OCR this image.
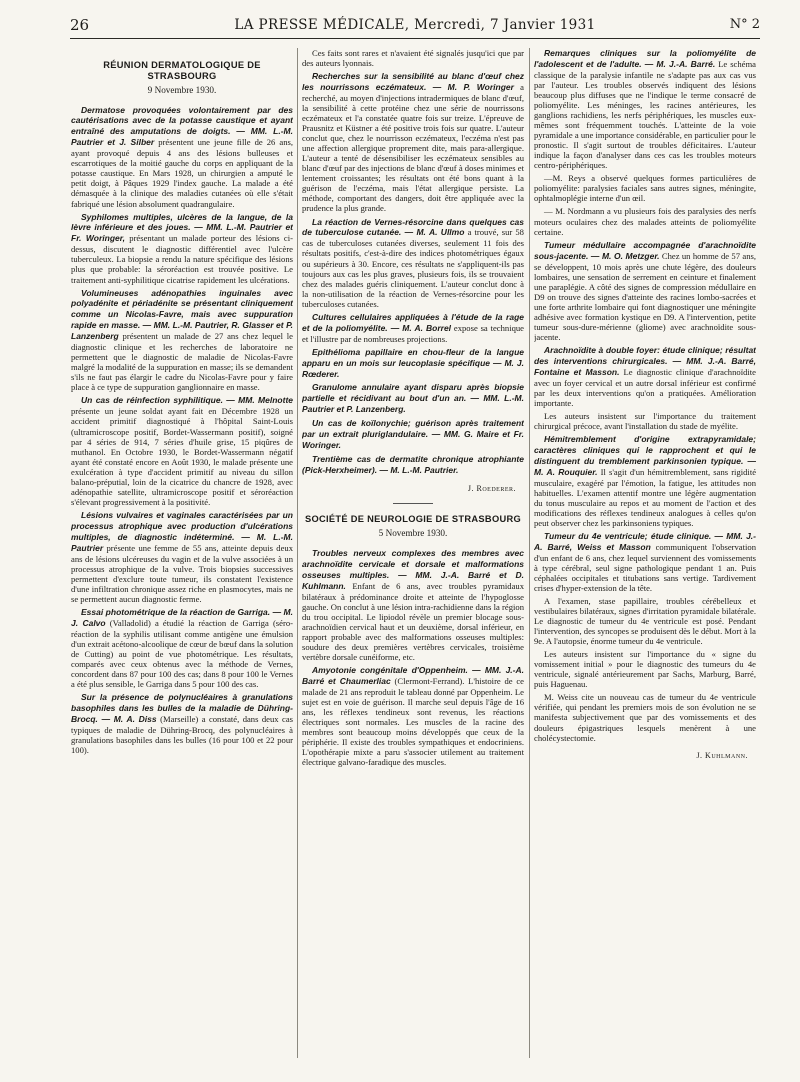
26	LA PRESSE MÉDICALE, Mercredi, 7 Janvier 1931	N° 2
RÉUNION DERMATOLOGIQUE DE STRASBOURG
9 Novembre 1930.

Dermatose provoquées volontairement par des cautérisations avec de la potasse caustique et ayant entraîné des amputations de doigts. — MM. L.-M. Pautrier et J. Silber présentent une jeune fille de 26 ans, ayant provoqué depuis 4 ans des lésions bulleuses et escarrotiques de la moitié gauche du corps en appliquant de la potasse caustique. En Mars 1928, un chirurgien a amputé le petit doigt, à Pâques 1929 l'index gauche. La malade a été démasquée à la clinique des maladies cutanées où elle s'était fabriqué une lésion absolument quadrangulaire.

Syphilomes multiples, ulcères de la langue, de la lèvre inférieure et des joues. — MM. L.-M. Pautrier et Fr. Woringer, présentant un malade porteur des lésions ci-dessus, discutent le diagnostic différentiel avec l'ulcère tuberculeux. La biopsie a rendu la nature spécifique des lésions plus que probable: la séroréaction est trouvée positive. Le traitement anti-syphilitique cicatrise rapidement les ulcérations.

Volumineuses adénopathies inguinales avec polyadénite et périadénite se présentant cliniquement comme un Nicolas-Favre, mais avec suppuration rapide en masse. — MM. L.-M. Pautrier, R. Glasser et P. Lanzenberg présentent un malade de 27 ans chez lequel le diagnostic clinique et les recherches de laboratoire ne permettent que le diagnostic de maladie de Nicolas-Favre malgré la modalité de la suppuration en masse; ils se demandent s'ils ne faut pas élargir le cadre du Nicolas-Favre pour y faire place à ce type de suppuration ganglionnaire en masse.

Un cas de réinfection syphilitique. — MM. Melnotte présente un jeune soldat ayant fait en Décembre 1928 un accident primitif diagnostiqué à l'hôpital Saint-Louis (ultramicroscope positif, Bordet-Wassermann positif), soigné par 4 séries de 914, 7 séries d'huile grise, 15 piqûres de muthanol. En Octobre 1930, le Bordet-Wassermann négatif ayant été constaté encore en Août 1930, le malade présente une exulcération à type d'accident primitif au niveau du sillon balano-préputial, loin de la cicatrice du chancre de 1928, avec adénopathie satellite, ultramicroscope positif et séroréaction s'élevant progressivement à la positivité.

Lésions vulvaires et vaginales caractérisées par un processus atrophique avec production d'ulcérations multiples, de diagnostic indéterminé. — M. L.-M. Pautrier présente une femme de 55 ans, atteinte depuis deux ans de lésions ulcéreuses du vagin et de la vulve associées à un processus atrophique de la vulve. Trois biopsies successives permettent d'exclure toute tumeur, ils constatent l'existence d'une infiltration chronique assez riche en plasmocytes, mais ne se permettent aucun diagnostic ferme.

Essai photométrique de la réaction de Garriga. — M. J. Calvo (Valladolid) a étudié la réaction de Garriga (séro-réaction de la syphilis utilisant comme antigène une émulsion d'un extrait acétono-alcoolique de cœur de bœuf dans la solution de Cutting) au point de vue photométrique. Les résultats, comparés avec ceux obtenus avec la méthode de Vernes, concordent dans 87 pour 100 des cas; dans 8 pour 100 le Vernes a été plus sensible, le Garriga dans 5 pour 100 des cas.

Sur la présence de polynucléaires à granulations basophiles dans les bulles de la maladie de Dühring-Brocq. — M. A. Diss (Marseille) a constaté, dans deux cas typiques de maladie de Dühring-Brocq, des polynucléaires à granulations basophiles dans les bulles (16 pour 100 et 22 pour 100).

Ces faits sont rares et n'avaient été signalés jusqu'ici que par des auteurs lyonnais.

Recherches sur la sensibilité au blanc d'œuf chez les nourrissons eczémateux. — M. P. Woringer a recherché, au moyen d'injections intradermiques de blanc d'œuf, la sensibilité à cette protéine chez une série de nourrissons eczémateux et l'a constatée quatre fois sur treize. L'épreuve de Prausnitz et Küstner a été positive trois fois sur quatre. L'auteur conclut que, chez le nourrisson eczémateux, l'eczéma n'est pas une affection allergique proprement dite, mais para-allergique. L'auteur a tenté de désensibiliser les eczémateux sensibles au blanc d'œuf par des injections de blanc d'œuf à doses minimes et lentement croissantes; les résultats ont été bons quant à la guérison de l'eczéma, mais l'état allergique persiste. La méthode, comportant des dangers, doit être appliquée avec la prudence la plus grande.

La réaction de Vernes-résorcine dans quelques cas de tuberculose cutanée. — M. A. Ullmo a trouvé, sur 58 cas de tuberculoses cutanées diverses, seulement 11 fois des résultats positifs, c'est-à-dire des indices photométriques égaux ou supérieurs à 30. Encore, ces résultats ne s'appliquent-ils pas toujours aux cas les plus graves, plusieurs fois, ils se trouvaient chez des malades guéris cliniquement. L'auteur conclut donc à la non-utilisation de la réaction de Vernes-résorcine pour les tuberculoses cutanées.

Cultures cellulaires appliquées à l'étude de la rage et de la poliomyélite. — M. A. Borrel expose sa technique et l'illustre par de nombreuses projections.

Epithélioma papillaire en chou-fleur de la langue apparu en un mois sur leucoplasie spécifique — M. J. Rœderer.

Granulome annulaire ayant disparu après biopsie partielle et récidivant au bout d'un an. — MM. L.-M. Pautrier et P. Lanzenberg.

Un cas de koïlonychie; guérison après traitement par un extrait plurіglandulaire. — MM. G. Maire et Fr. Woringer.

Trentième cas de dermatite chronique atrophiante (Pick-Herxheimer). — M. L.-M. Pautrier.

J. Roederer.
SOCIÉTÉ DE NEUROLOGIE DE STRASBOURG
5 Novembre 1930.

Troubles nerveux complexes des membres avec arachnoïdite cervicale et dorsale et malformations osseuses multiples. — MM. J.-A. Barré et D. Kuhlmann. Enfant de 6 ans, avec troubles pyramidaux bilatéraux à prédominance droite et atteinte de l'hypoglosse gauche. On conclut à une lésion intra-rachidienne dans la région du trou occipital. Le lipiodol révèle un premier blocage sous-arachnoïdien cervical haut et un deuxième, dorsal inférieur, en rapport probable avec des malformations osseuses multiples: soudure des deux premières vertèbres cervicales, troisième vertèbre dorsale cunéiforme, etc.

Amyotonie congénitale d'Oppenheim. — MM. J.-A. Barré et Chaumerliac (Clermont-Ferrand). L'histoire de ce malade de 21 ans reproduit le tableau donné par Oppenheim. Le sujet est en voie de guérison. Il marche seul depuis l'âge de 16 ans, les réflexes tendineux sont revenus, les réactions électriques sont normales. Les muscles de la racine des membres sont beaucoup moins développés que ceux de la périphérie. Il existe des troubles sympathiques et endocriniens. L'opothérapie mixte a paru s'associer utilement au traitement électrique galvano-faradique des muscles.

Remarques cliniques sur la poliomyélite de l'adolescent et de l'adulte. — M. J.-A. Barré. Le schéma classique de la paralysie infantile ne s'adapte pas aux cas vus par l'auteur. Les troubles observés indiquent des lésions beaucoup plus diffuses que ne l'indique le terme consacré de poliomyélite. Les méninges, les racines antérieures, les ganglions rachidiens, les nerfs périphériques, les muscles eux-mêmes sont fréquemment touchés. L'atteinte de la voie pyramidale a une importance considérable, en particulier pour le pronostic. Il s'agit surtout de troubles déficitaires. L'auteur indique la façon d'analyser dans ces cas les troubles moteurs centro-périphériques.

—M. Reys a observé quelques formes particulières de poliomyélite: paralysies faciales sans autres signes, méningite, ophtalmoplégie interne d'un œil.

— M. Nordmann a vu plusieurs fois des paralysies des nerfs moteurs oculaires chez des malades atteints de poliomyélite certaine.

Tumeur médullaire accompagnée d'arachnoïdite sous-jacente. — M. O. Metzger. Chez un homme de 57 ans, se développent, 10 mois après une chute légère, des douleurs lombaires, une sensation de serrement en ceinture et finalement une paraplégie. A côté des signes de compression médullaire en D9 on trouve des signes d'atteinte des racines lombo-sacrées et une forte arthrite lombaire qui font diagnostiquer une méningite adhésive avec formation kystique en D9. A l'intervention, petite tumeur sous-dure-mérienne (gliome) avec arachnoïdite sous-jacente.

Arachnoïdite à double foyer: étude clinique; résultat des interventions chirurgicales. — MM. J.-A. Barré, Fontaine et Masson. Le diagnostic clinique d'arachnoïdite avec un foyer cervical et un autre dorsal inférieur est confirmé par les deux interventions qu'on a pratiquées. Amélioration importante.

Les auteurs insistent sur l'importance du traitement chirurgical précoce, avant l'installation du stade de myélite.

Hémitremblement d'origine extrapyramidale; caractères cliniques qui le rapprochent et qui le distinguent du tremblement parkinsonien typique. — M. A. Rouquier. Il s'agit d'un hémitremblement, sans rigidité musculaire, exagéré par l'émotion, la fatigue, les attitudes non habituelles. L'examen attentif montre une légère augmentation du tonus musculaire au repos et au moment de l'action et des modifications des réflexes tendineux analogues à celles qu'on peut observer chez les parkinsoniens typiques.

Tumeur du 4e ventricule; étude clinique. — MM. J.-A. Barré, Weiss et Masson communiquent l'observation d'un enfant de 6 ans, chez lequel surviennent des vomissements à type cérébral, seul signe pathologique pendant 1 an. Puis céphalées occipitales et titubations sans vertige. Tardivement crises d'hyper-extension de la tête.

A l'examen, stase papillaire, troubles cérébelleux et vestibulaires bilatéraux, signes d'irritation pyramidale bilatérale. Le diagnostic de tumeur du 4e ventricule est posé. Pendant l'intervention, des syncopes se produisent dès le début. Mort à la 9e. A l'autopsie, énorme tumeur du 4e ventricule.

Les auteurs insistent sur l'importance du « signe du vomissement initial » pour le diagnostic des tumeurs du 4e ventricule, signalé antérieurement par Sachs, Marburg, Barré, puis Haguenau.

M. Weiss cite un nouveau cas de tumeur du 4e ventricule vérifiée, qui pendant les premiers mois de son évolution ne se manifesta subjectivement que par des vomissements et des douleurs épigastriques lesquels menèrent à une cholécystectomie.

J. Kuhlmann.
